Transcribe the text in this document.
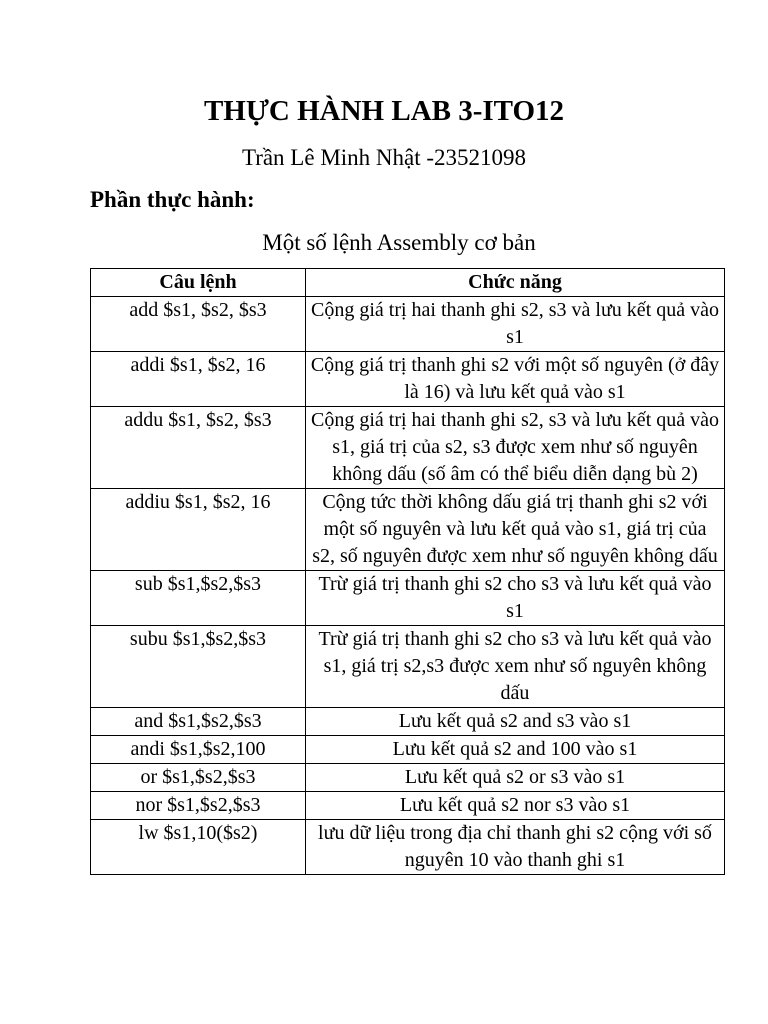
THỰC HÀNH LAB 3-ITO12
Trần Lê Minh Nhật -23521098
Phần thực hành:
Một số lệnh Assembly cơ bản
Câu lệnh	Chức năng
add $s1, $s2, $s3	Cộng giá trị hai thanh ghi s2, s3 và lưu kết quả vào s1
addi $s1, $s2, 16	Cộng giá trị thanh ghi s2 với một số nguyên (ở đây là 16) và lưu kết quả vào s1
addu $s1, $s2, $s3	Cộng giá trị hai thanh ghi s2, s3 và lưu kết quả vào s1, giá trị của s2, s3 được xem như số nguyên không dấu (số âm có thể biểu diễn dạng bù 2)
addiu $s1, $s2, 16	Cộng tức thời không dấu giá trị thanh ghi s2 với một số nguyên và lưu kết quả vào s1, giá trị của s2, số nguyên được xem như số nguyên không dấu
sub $s1,$s2,$s3	Trừ giá trị thanh ghi s2 cho s3 và lưu kết quả vào s1
subu $s1,$s2,$s3	Trừ giá trị thanh ghi s2 cho s3 và lưu kết quả vào s1, giá trị s2,s3 được xem như số nguyên không dấu
and $s1,$s2,$s3	Lưu kết quả s2 and s3 vào s1
andi $s1,$s2,100	Lưu kết quả s2 and 100 vào s1
or $s1,$s2,$s3	Lưu kết quả s2 or s3 vào s1
nor $s1,$s2,$s3	Lưu kết quả s2 nor s3 vào s1
lw $s1,10($s2)	lưu dữ liệu trong địa chỉ thanh ghi s2 cộng với số nguyên 10 vào thanh ghi s1
